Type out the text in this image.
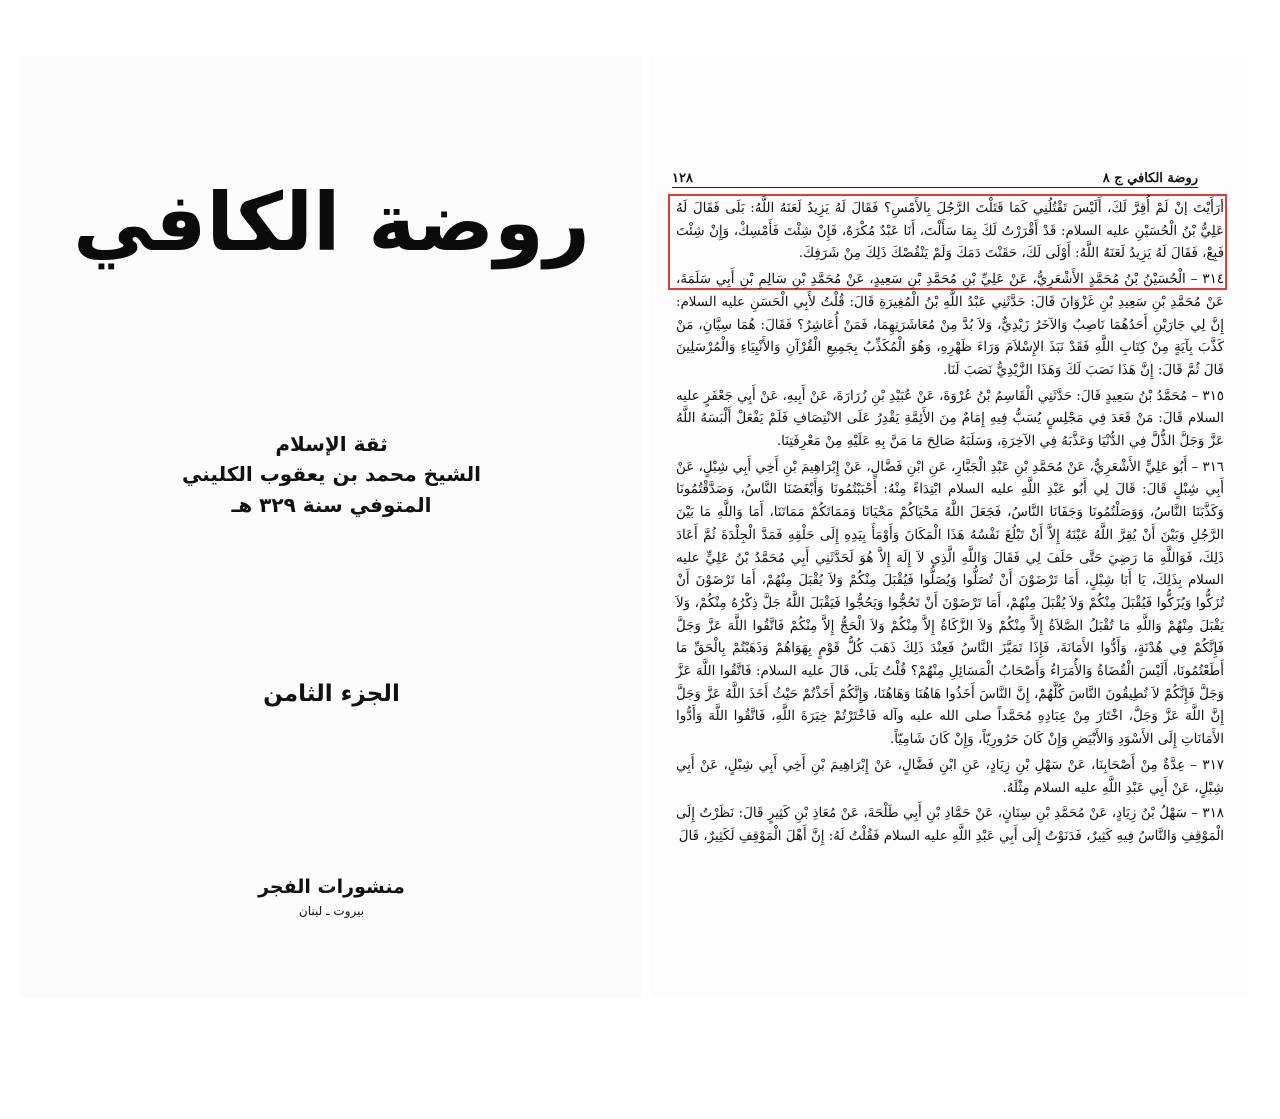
روضة الكافي
ثقة الإسلام
الشيخ محمد بن يعقوب الكليني
المتوفي سنة ٣٢٩ هـ
الجزء الثامن
منشورات الفجر
بيروت ـ لبنان
روضة الكافي ج ٨
١٢٨

أرَأَيْتَ إنْ لَمْ أُقِرَّ لَكَ، أَلَيْسَ تَقْتُلُنِي كَمَا قَتَلْتَ الرَّجُلَ بِالأَمْسِ؟ فَقَالَ لَهُ يَزِيدُ لَعَنَهُ اللَّهُ: بَلَى فَقَالَ لَهُ عَلِيُّ بْنُ الْحُسَيْنِ عليه السلام: قَدْ أَقْرَرْتُ لَكَ بِمَا سَأَلْتَ، أَنَا عَبْدٌ مُكْرَهٌ، فَإِنْ شِئْتَ فَأَمْسِكْ، وَإِنْ شِئْتَ فَبِعْ، فَقَالَ لَهُ يَزِيدُ لَعَنَهُ اللَّهُ: أَوْلَى لَكَ، حَقَنْتَ دَمَكَ وَلَمْ يَنْقُصْكَ ذَلِكَ مِنْ شَرَفِكَ.

٣١٤ – الْحُسَيْنُ بْنُ مُحَمَّدٍ الأَشْعَرِيُّ، عَنْ عَلِيِّ بْنِ مُحَمَّدِ بْنِ سَعِيدٍ، عَنْ مُحَمَّدِ بْنِ سَالِمِ بْنِ أَبِي سَلَمَةَ، عَنْ مُحَمَّدِ بْنِ سَعِيدِ بْنِ غَزْوَانَ قَالَ: حَدَّثَنِي عَبْدُ اللَّهِ بْنُ الْمُغِيرَةِ قَالَ: قُلْتُ لأَبِي الْحَسَنِ عليه السلام: إِنَّ لِي جَارَيْنِ أَحَدُهُمَا نَاصِبٌ وَالآخَرُ زَيْدِيٌّ، وَلاَ بُدَّ مِنْ مُعَاشَرَتِهِمَا، فَمَنْ أُعَاشِرُ؟ فَقَالَ: هُمَا سِيَّانِ، مَنْ كَذَّبَ بِآيَةٍ مِنْ كِتَابِ اللَّهِ فَقَدْ نَبَذَ الإِسْلاَمَ وَرَاءَ ظَهْرِهِ، وَهُوَ الْمُكَذِّبُ بِجَمِيعِ الْقُرْآنِ وَالأَنْبِيَاءِ وَالْمُرْسَلِينَ قَالَ ثُمَّ قَالَ: إِنَّ هَذَا نَصَبَ لَكَ وَهَذَا الزَّيْدِيُّ نَصَبَ لَنَا.

٣١٥ – مُحَمَّدُ بْنُ سَعِيدٍ قَالَ: حَدَّثَنِي الْقَاسِمُ بْنُ عُرْوَةَ، عَنْ عُبَيْدِ بْنِ زُرَارَةَ، عَنْ أَبِيهِ، عَنْ أَبِي جَعْفَرٍ عليه السلام قَالَ: مَنْ قَعَدَ فِي مَجْلِسٍ يُسَبُّ فِيهِ إِمَامٌ مِنَ الأَئِمَّةِ يَقْدِرُ عَلَى الانْتِصَافِ فَلَمْ يَفْعَلْ أَلْبَسَهُ اللَّهُ عَزَّ وَجَلَّ الذُّلَّ فِي الدُّنْيَا وَعَذَّبَهُ فِي الآخِرَةِ، وَسَلَبَهُ صَالِحَ مَا مَنَّ بِهِ عَلَيْهِ مِنْ مَعْرِفَتِنَا.

٣١٦ – أَبُو عَلِيٍّ الأَشْعَرِيُّ، عَنْ مُحَمَّدِ بْنِ عَبْدِ الْجَبَّارِ، عَنِ ابْنِ فَضَّالٍ، عَنْ إِبْرَاهِيمَ بْنِ أَخِي أَبِي شِبْلٍ، عَنْ أَبِي شِبْلٍ قَالَ: قَالَ لِي أَبُو عَبْدِ اللَّهِ عليه السلام ابْتِدَاءً مِنْهُ: أَحْبَبْتُمُونَا وَأَبْغَضَنَا النَّاسُ، وَصَدَّقْتُمُونَا وَكَذَّبَنَا النَّاسُ، وَوَصَلْتُمُونَا وَجَفَانَا النَّاسُ، فَجَعَلَ اللَّهُ مَحْيَاكُمْ مَحْيَانَا وَمَمَاتَكُمْ مَمَاتَنَا، أَمَا وَاللَّهِ مَا بَيْنَ الرَّجُلِ وَبَيْنَ أَنْ يُقِرَّ اللَّهُ عَيْنَهُ إِلاَّ أَنْ تَبْلُغَ نَفْسُهُ هَذَا الْمَكَانَ وَأَوْمَأَ بِيَدِهِ إِلَى حَلْقِهِ فَمَدَّ الْجِلْدَةَ ثُمَّ أَعَادَ ذَلِكَ، فَوَاللَّهِ مَا رَضِيَ حَتَّى حَلَفَ لِي فَقَالَ وَاللَّهِ الَّذِي لاَ إِلَهَ إِلاَّ هُوَ لَحَدَّثَنِي أَبِي مُحَمَّدُ بْنُ عَلِيٍّ عليه السلام بِذَلِكَ، يَا أَبَا شِبْلٍ، أَمَا تَرْضَوْنَ أَنْ تُصَلُّوا وَيُصَلُّوا فَيُقْبَلَ مِنْكُمْ وَلاَ يُقْبَلَ مِنْهُمْ، أَمَا تَرْضَوْنَ أَنْ تُزَكُّوا وَيُزَكُّوا فَيُقْبَلَ مِنْكُمْ وَلاَ يُقْبَلَ مِنْهُمْ، أَمَا تَرْضَوْنَ أَنْ تَحُجُّوا وَيَحُجُّوا فَيَقْبَلَ اللَّهُ جَلَّ ذِكْرُهُ مِنْكُمْ، وَلاَ يَقْبَلَ مِنْهُمْ وَاللَّهِ مَا تُقْبَلُ الصَّلاَةُ إِلاَّ مِنْكُمْ وَلاَ الزَّكَاةُ إِلاَّ مِنْكُمْ وَلاَ الْحَجُّ إِلاَّ مِنْكُمْ فَاتَّقُوا اللَّهَ عَزَّ وَجَلَّ فَإِنَّكُمْ فِي هُدْنَةٍ، وَأَدُّوا الأَمَانَةَ، فَإِذَا تَمَيَّزَ النَّاسُ فَعِنْدَ ذَلِكَ ذَهَبَ كُلُّ قَوْمٍ بِهَوَاهُمْ وَذَهَبْتُمْ بِالْحَقِّ مَا أَطَعْتُمُونَا، أَلَيْسَ الْقُضَاةُ وَالأُمَرَاءُ وَأَصْحَابُ الْمَسَائِلِ مِنْهُمْ؟ قُلْتُ بَلَى، قَالَ عليه السلام: فَاتَّقُوا اللَّهَ عَزَّ وَجَلَّ فَإِنَّكُمْ لاَ تُطِيقُونَ النَّاسَ كُلَّهُمْ، إِنَّ النَّاسَ أَخَذُوا هَاهُنَا وَهَاهُنَا، وَإِنَّكُمْ أَخَذْتُمْ حَيْثُ أَخَذَ اللَّهُ عَزَّ وَجَلَّ إِنَّ اللَّهَ عَزَّ وَجَلَّ، اخْتَارَ مِنْ عِبَادِهِ مُحَمَّداً صلى الله عليه وآله فَاخْتَرْتُمْ خِيَرَةَ اللَّهِ، فَاتَّقُوا اللَّهَ وَأَدُّوا الأَمَانَاتِ إِلَى الأَسْوَدِ وَالأَبْيَضِ وَإِنْ كَانَ حَرُورِيّاً، وَإِنْ كَانَ شَامِيّاً.

٣١٧ – عِدَّةٌ مِنْ أَصْحَابِنَا، عَنْ سَهْلِ بْنِ زِيَادٍ، عَنِ ابْنِ فَضَّالٍ، عَنْ إِبْرَاهِيمَ بْنِ أَخِي أَبِي شِبْلٍ، عَنْ أَبِي شِبْلٍ، عَنْ أَبِي عَبْدِ اللَّهِ عليه السلام مِثْلَهُ.

٣١٨ – سَهْلُ بْنُ زِيَادٍ، عَنْ مُحَمَّدِ بْنِ سِنَانٍ، عَنْ حَمَّادِ بْنِ أَبِي طَلْحَةَ، عَنْ مُعَاذِ بْنِ كَثِيرٍ قَالَ: نَظَرْتُ إِلَى الْمَوْقِفِ وَالنَّاسُ فِيهِ كَثِيرٌ، فَدَنَوْتُ إِلَى أَبِي عَبْدِ اللَّهِ عليه السلام فَقُلْتُ لَهُ: إِنَّ أَهْلَ الْمَوْقِفِ لَكَثِيرٌ، قَالَ
